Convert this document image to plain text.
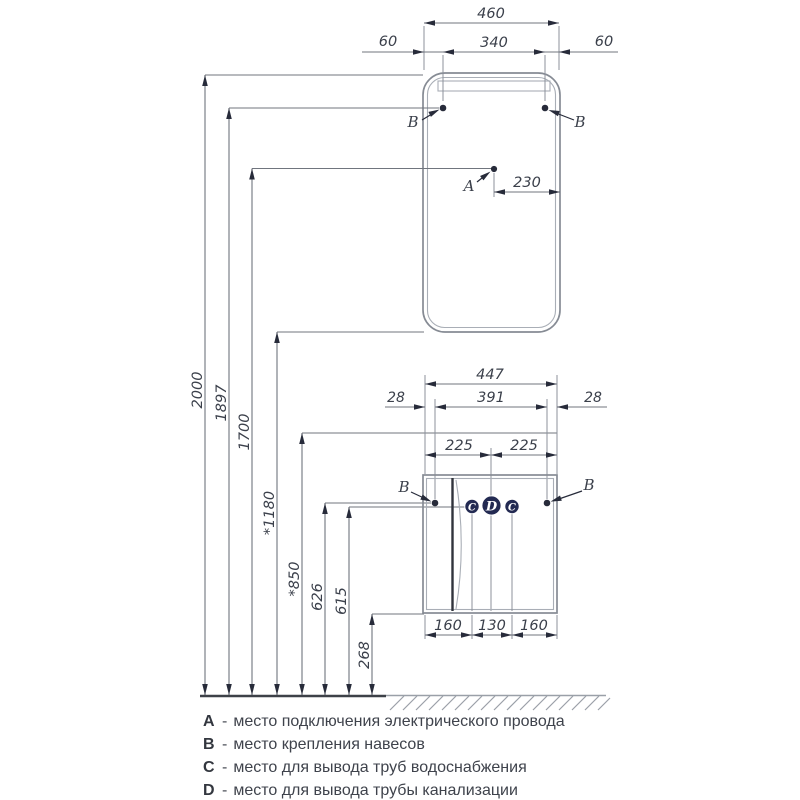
460
60	340	60
B	B
A	230
2000 1897
1700
*1180
*850
626 615
268
447
28	391	28
225	225
B	B
C D C
160 130 160
A - место подключения электрического провода
B - место крепления навесов
C - место для вывода труб водоснабжения
D - место для вывода трубы канализации
